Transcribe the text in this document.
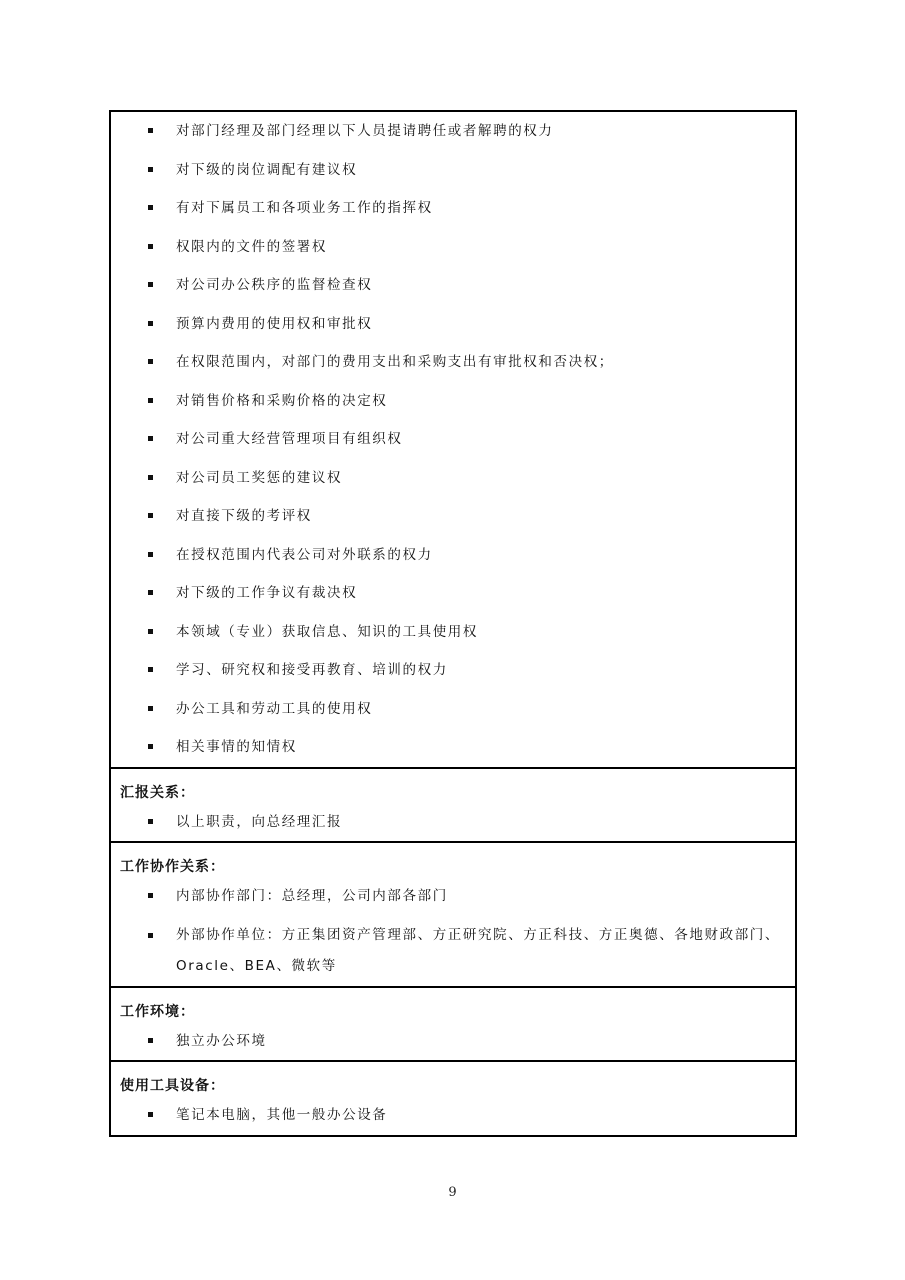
对部门经理及部门经理以下人员提请聘任或者解聘的权力
对下级的岗位调配有建议权
有对下属员工和各项业务工作的指挥权
权限内的文件的签署权
对公司办公秩序的监督检查权
预算内费用的使用权和审批权
在权限范围内，对部门的费用支出和采购支出有审批权和否决权；
对销售价格和采购价格的决定权
对公司重大经营管理项目有组织权
对公司员工奖惩的建议权
对直接下级的考评权
在授权范围内代表公司对外联系的权力
对下级的工作争议有裁决权
本领域（专业）获取信息、知识的工具使用权
学习、研究权和接受再教育、培训的权力
办公工具和劳动工具的使用权
相关事情的知情权
汇报关系：
以上职责，向总经理汇报
工作协作关系：
内部协作部门：总经理，公司内部各部门
外部协作单位：方正集团资产管理部、方正研究院、方正科技、方正奥德、各地财政部门、Oracle、BEA、微软等
工作环境：
独立办公环境
使用工具设备：
笔记本电脑，其他一般办公设备
9
